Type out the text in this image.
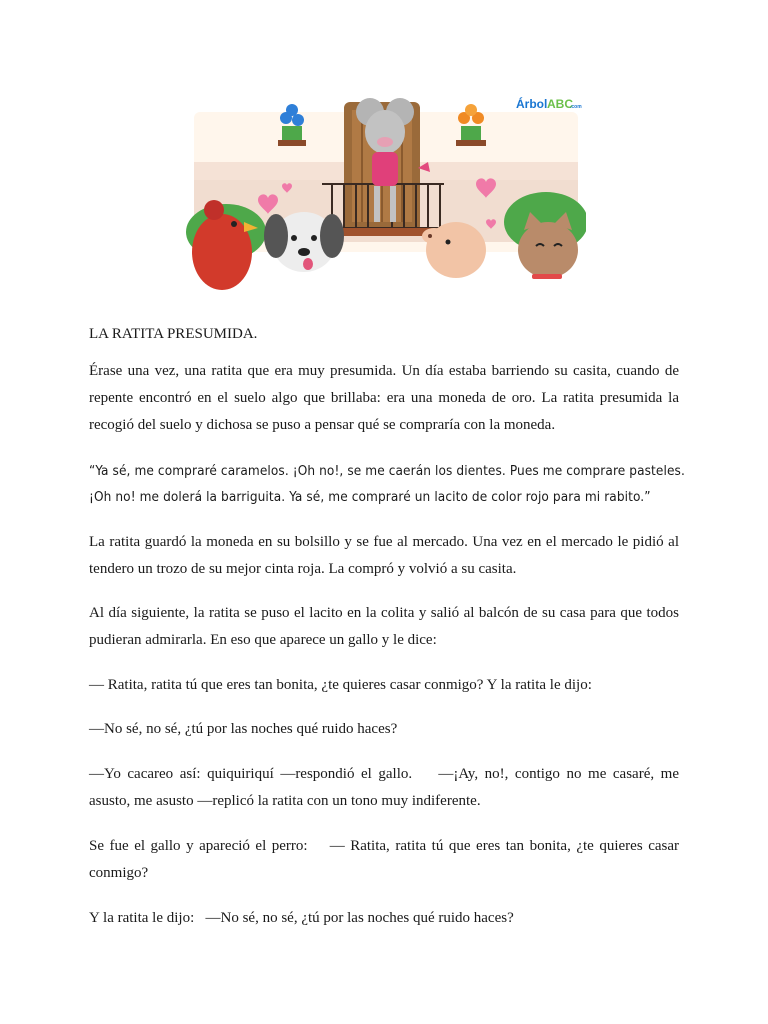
Árbol ABC
.com
LA RATITA PRESUMIDA.

Érase una vez, una ratita que era muy presumida. Un día estaba barriendo su casita, cuando de repente encontró en el suelo algo que brillaba: era una moneda de oro. La ratita presumida la recogió del suelo y dichosa se puso a pensar qué se compraría con la moneda.

“Ya sé, me compraré caramelos. ¡Oh no!, se me caerán los dientes. Pues me comprare pasteles.
¡Oh no! me dolerá la barriguita. Ya sé, me compraré un lacito de color rojo para mi rabito.”

La ratita guardó la moneda en su bolsillo y se fue al mercado. Una vez en el mercado le pidió al tendero un trozo de su mejor cinta roja. La compró y volvió a su casita.

Al día siguiente, la ratita se puso el lacito en la colita y salió al balcón de su casa para que todos pudieran admirarla. En eso que aparece un gallo y le dice:

— Ratita, ratita tú que eres tan bonita, ¿te quieres casar conmigo? Y la ratita le dijo:

—No sé, no sé, ¿tú por las noches qué ruido haces?

—Yo cacareo así: quiquiriquí —respondió el gallo.    —¡Ay, no!, contigo no me casaré, me asusto, me asusto —replicó la ratita con un tono muy indiferente.

Se fue el gallo y apareció el perro:    — Ratita, ratita tú que eres tan bonita, ¿te quieres casar conmigo?

Y la ratita le dijo:   —No sé, no sé, ¿tú por las noches qué ruido haces?
